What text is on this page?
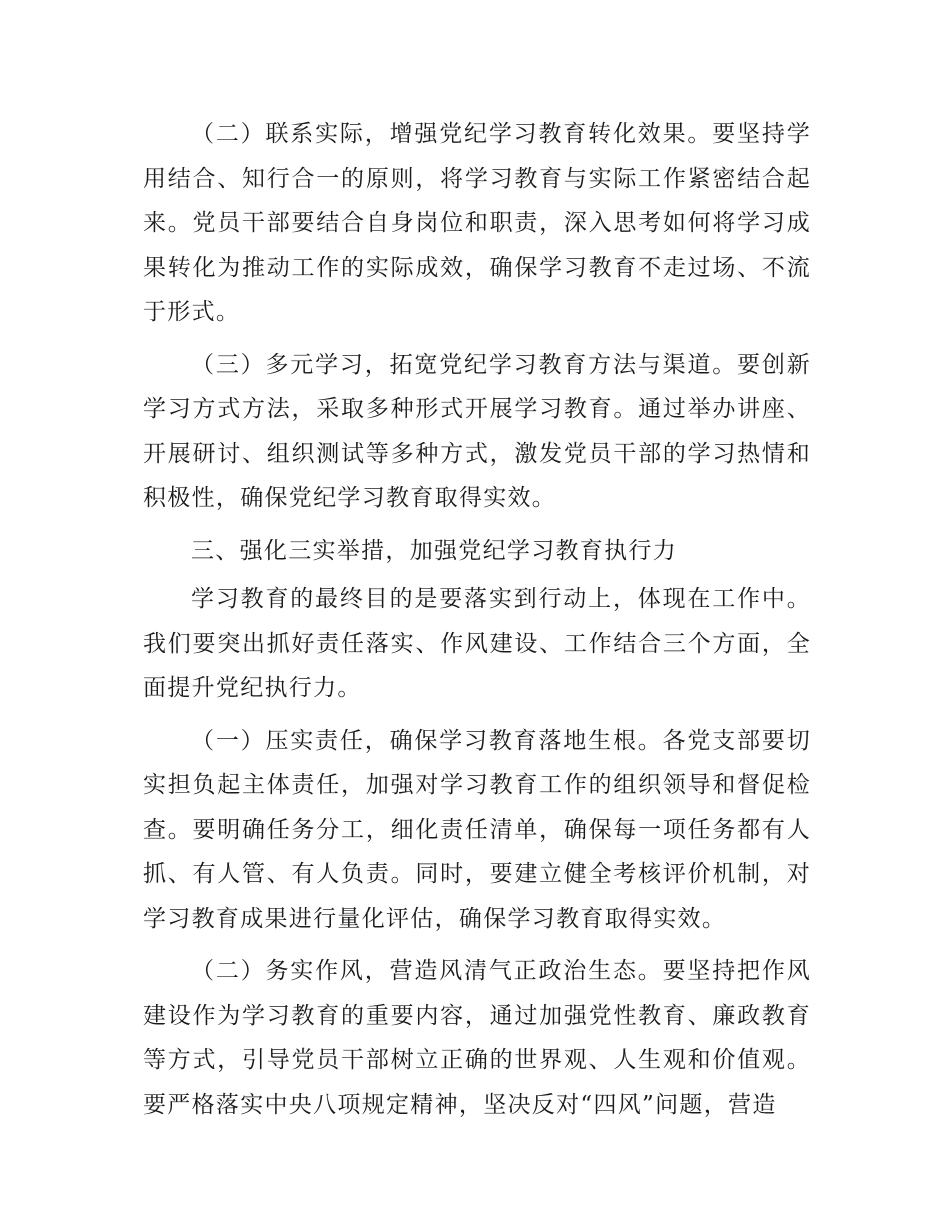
（二）联系实际，增强党纪学习教育转化效果。要坚持学用结合、知行合一的原则，将学习教育与实际工作紧密结合起来。党员干部要结合自身岗位和职责，深入思考如何将学习成果转化为推动工作的实际成效，确保学习教育不走过场、不流于形式。

（三）多元学习，拓宽党纪学习教育方法与渠道。要创新学习方式方法，采取多种形式开展学习教育。通过举办讲座、开展研讨、组织测试等多种方式，激发党员干部的学习热情和积极性，确保党纪学习教育取得实效。

三、强化三实举措，加强党纪学习教育执行力

学习教育的最终目的是要落实到行动上，体现在工作中。我们要突出抓好责任落实、作风建设、工作结合三个方面，全面提升党纪执行力。

（一）压实责任，确保学习教育落地生根。各党支部要切实担负起主体责任，加强对学习教育工作的组织领导和督促检查。要明确任务分工，细化责任清单，确保每一项任务都有人抓、有人管、有人负责。同时，要建立健全考核评价机制，对学习教育成果进行量化评估，确保学习教育取得实效。

（二）务实作风，营造风清气正政治生态。要坚持把作风建设作为学习教育的重要内容，通过加强党性教育、廉政教育等方式，引导党员干部树立正确的世界观、人生观和价值观。要严格落实中央八项规定精神，坚决反对“四风”问题，营造
